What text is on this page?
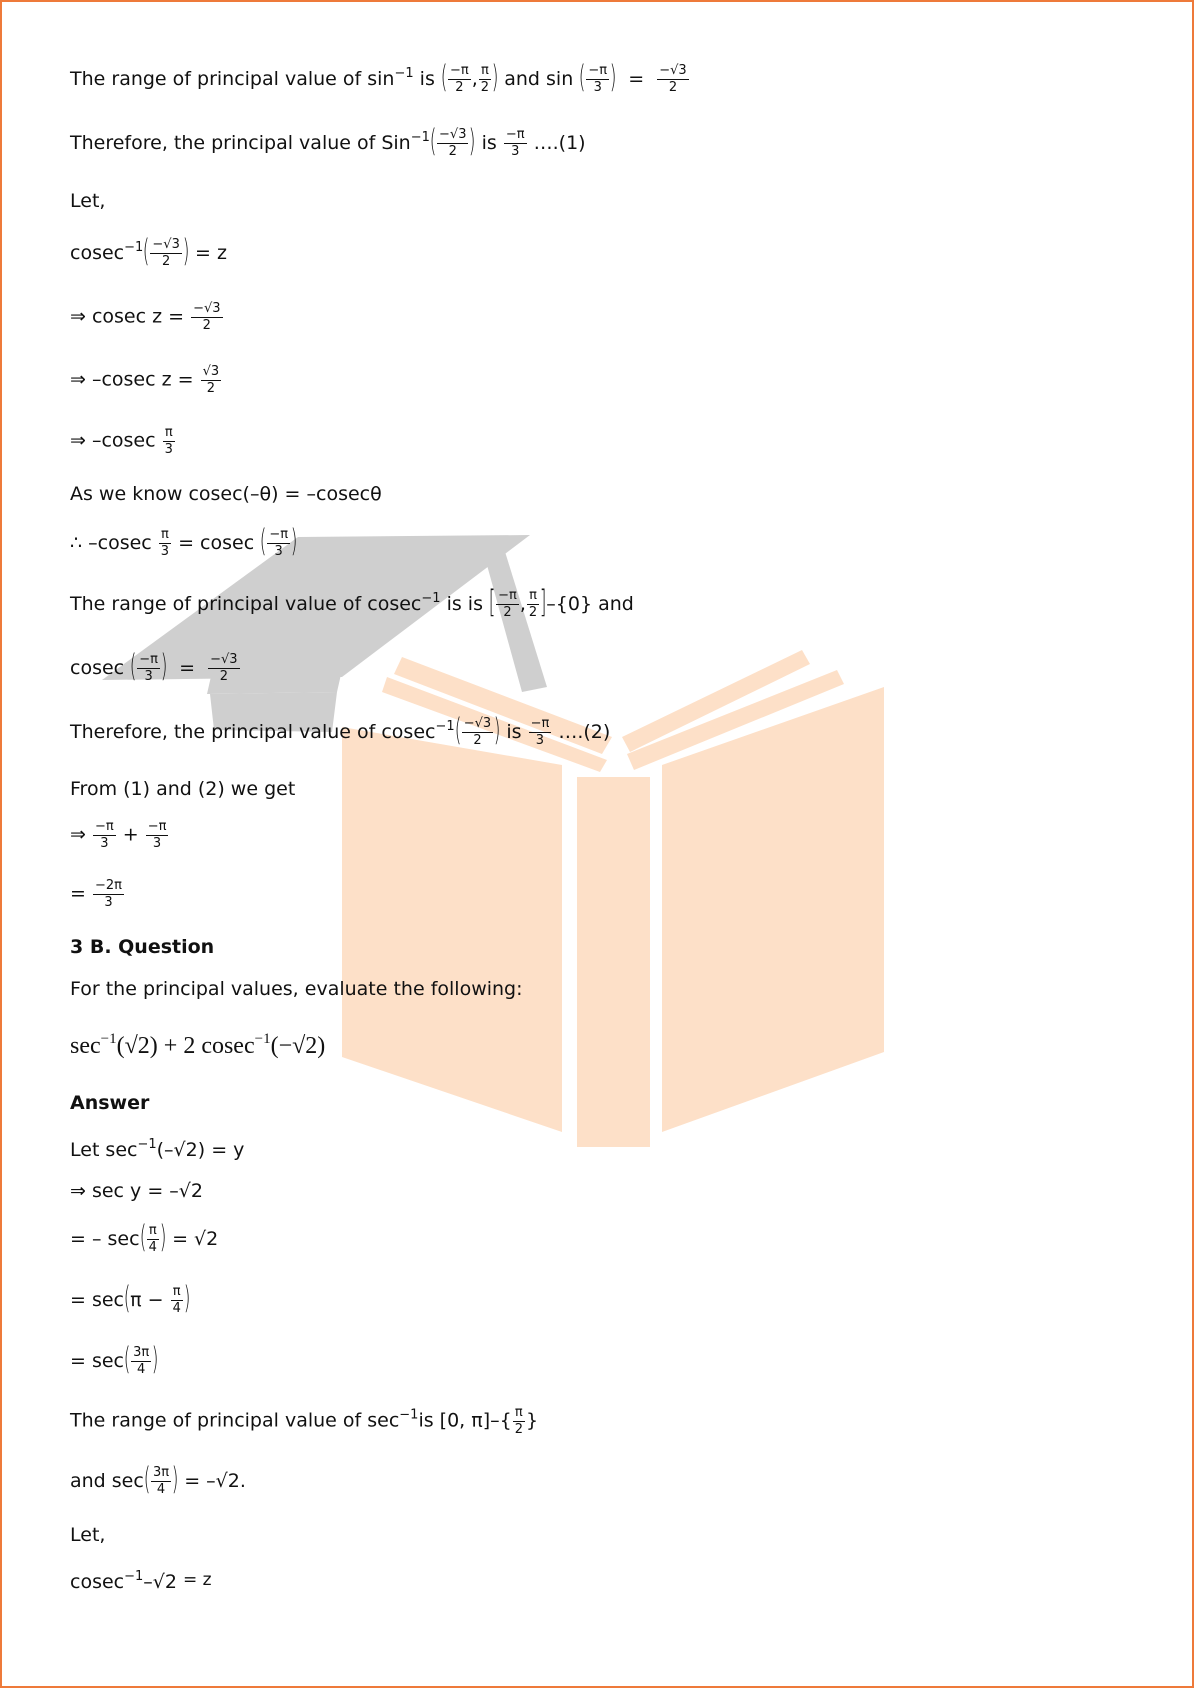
The range of principal value of $\sin^{-1}$ is ( $\frac{-\pi}{2}$ , $\frac{\pi}{2}$ ) and sin ( $\frac{-\pi}{3}$ ) = $\frac{-√3}{2}$
Therefore, the principal value of $Sin^{-1}( \frac{-√3}{2}$ ) is $\frac{-\pi}{3}$ ….(1)
Let,
$cosec^{-1}( \frac{-√3}{2}$ ) = z
⇒ cosec $z = \frac{-√3}{2}$
⇒ –cosec $z = \frac{√3}{2}$
⇒ $-cosec \frac{\pi}{3}$
As we know cosec(–θ) = –cosecθ
∴ $-cosec \frac{\pi}{3} = cosec$ ( $\frac{-\pi}{3}$ )
The range of principal value of cosec$^{-1}$ is is [ $\frac{-\pi}{2}$ , $\frac{\pi}{2} ]-\{0\}$ and
cosec ( $\frac{-\pi}{3}$ ) = $\frac{-√3}{2}$
Therefore, the principal value of $cosec^{-1}( \frac{-√3}{2}$ ) is $\frac{-\pi}{3}$ ….(2)
From (1) and (2) we get
⇒ $\frac{-\pi}{3} + \frac{-\pi}{3}$
= $\frac{-2\pi}{3}$
3 B. Question
For the principal values, evaluate the following:
$\sec^{-1}(√2) + 2$ cosec$^{-1}$(−√2)
Answer
Let $\sec^{-1}(-√2) = y$
⇒ sec y = –√2
= – $\sec( \frac{\pi}{4}$ ) = √2
= $\sec(\pi - \frac{\pi}{4}$ )
= $\sec( \frac{3\pi}{4}$ )
The range of principal value of $\sec^{-1}is$ [0, $\pi]-\{ \frac{\pi}{2}$ }
and $\sec( \frac{3\pi}{4}$ ) = –√2.
Let,
cosec$^{-1}$–√2 = z
